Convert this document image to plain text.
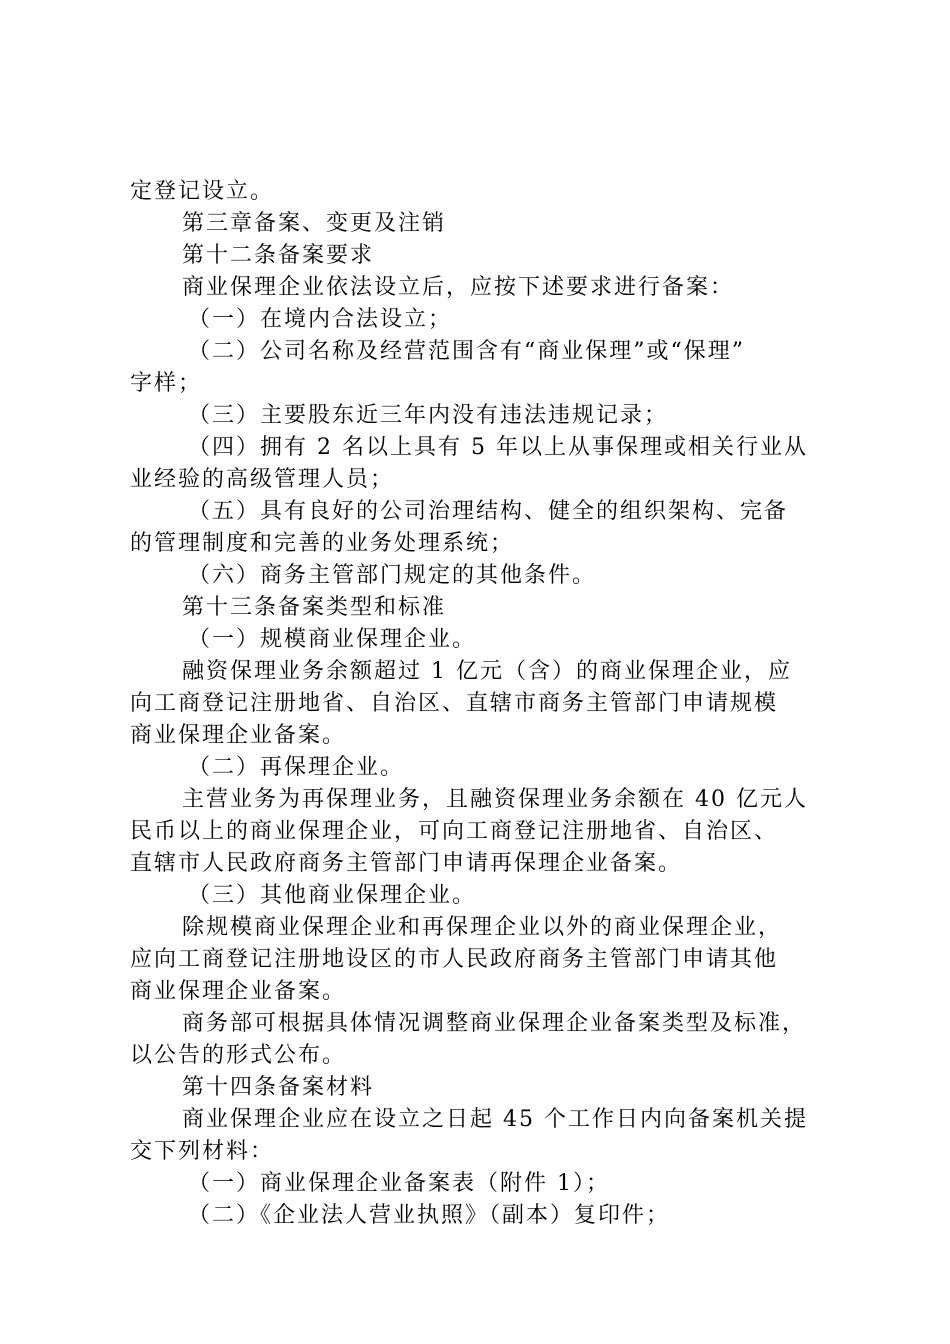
定登记设立。
第三章备案、变更及注销
第十二条备案要求
商业保理企业依法设立后，应按下述要求进行备案：
（一）在境内合法设立；
（二）公司名称及经营范围含有“商业保理”或“保理”
字样；
（三）主要股东近三年内没有违法违规记录；
（四）拥有 2 名以上具有 5 年以上从事保理或相关行业从
业经验的高级管理人员；
（五）具有良好的公司治理结构、健全的组织架构、完备
的管理制度和完善的业务处理系统；
（六）商务主管部门规定的其他条件。
第十三条备案类型和标准
（一）规模商业保理企业。
融资保理业务余额超过 1 亿元（含）的商业保理企业，应
向工商登记注册地省、自治区、直辖市商务主管部门申请规模
商业保理企业备案。
（二）再保理企业。
主营业务为再保理业务，且融资保理业务余额在 40 亿元人
民币以上的商业保理企业，可向工商登记注册地省、自治区、
直辖市人民政府商务主管部门申请再保理企业备案。
（三）其他商业保理企业。
除规模商业保理企业和再保理企业以外的商业保理企业，
应向工商登记注册地设区的市人民政府商务主管部门申请其他
商业保理企业备案。
商务部可根据具体情况调整商业保理企业备案类型及标准，
以公告的形式公布。
第十四条备案材料
商业保理企业应在设立之日起 45 个工作日内向备案机关提
交下列材料：
（一）商业保理企业备案表（附件 1）；
（二）《企业法人营业执照》（副本）复印件；
